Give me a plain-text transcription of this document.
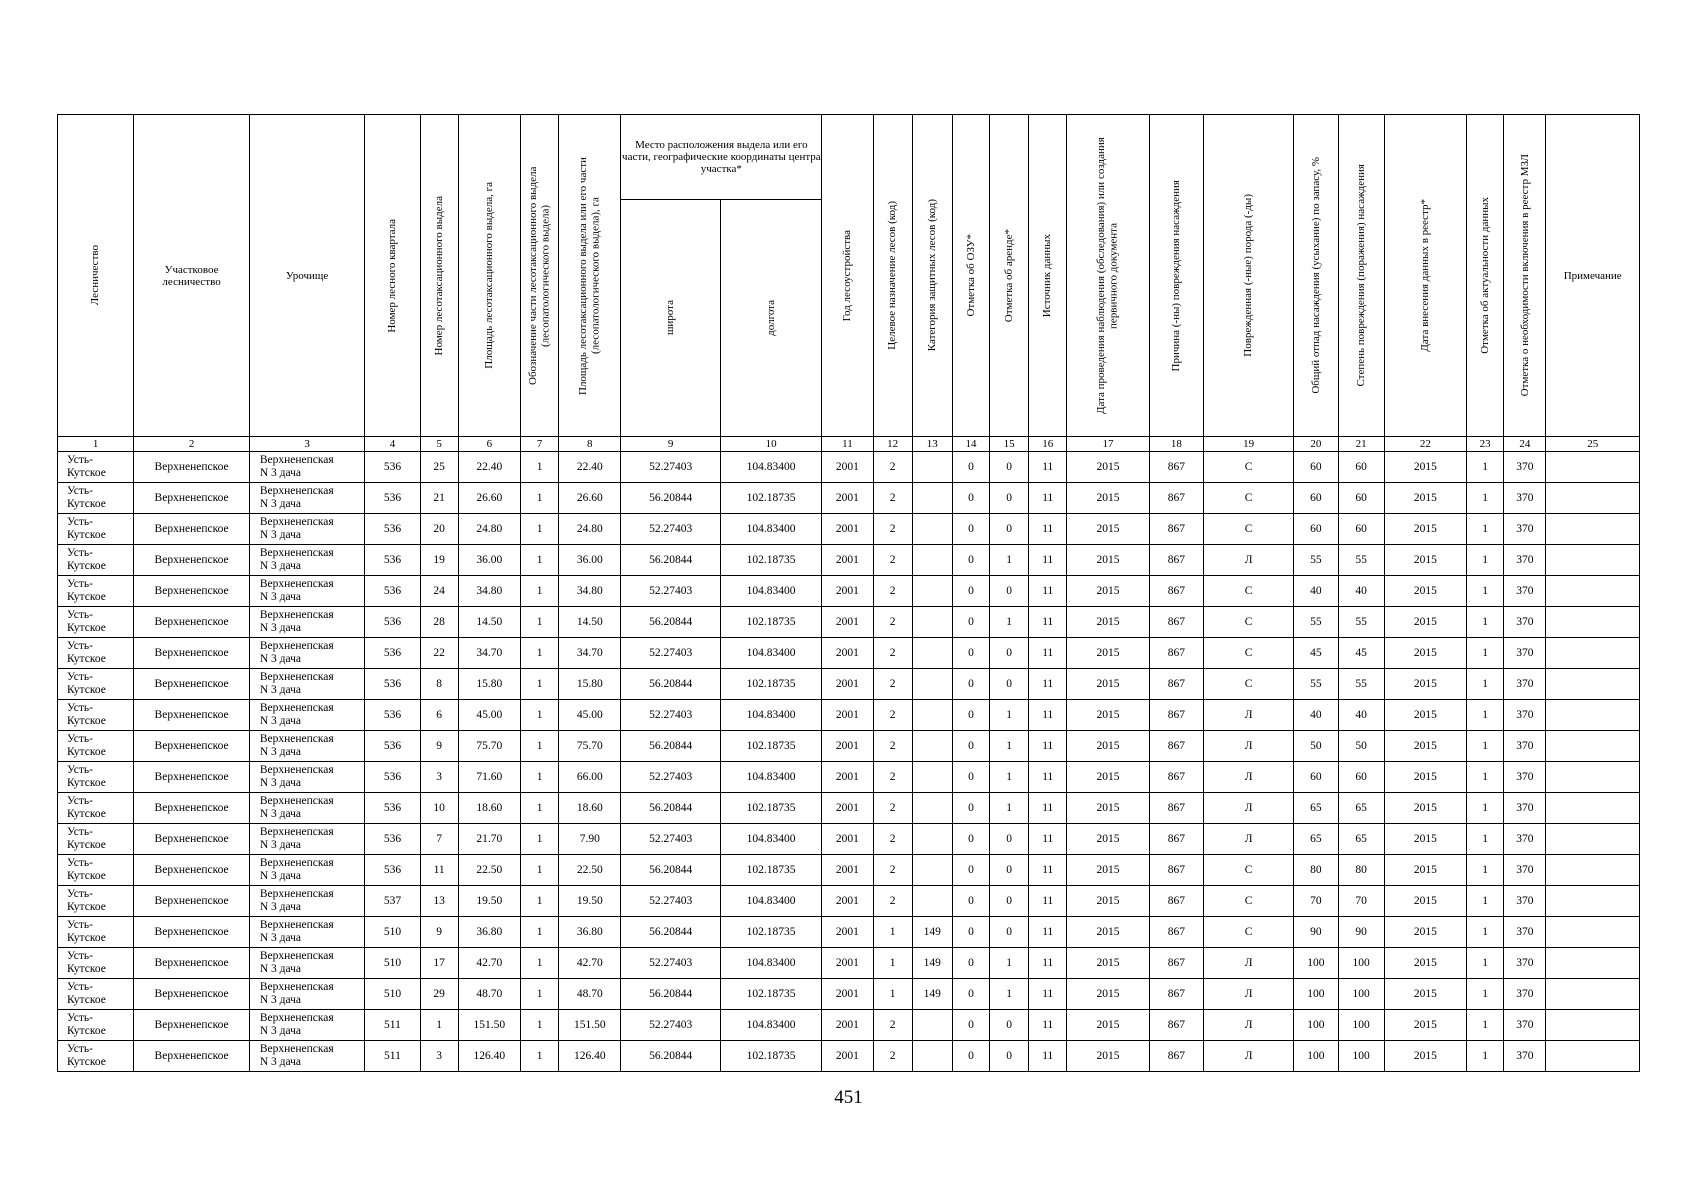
Лесничество	Участковое лесничество	Урочище	Номер лесного квартала	Номер лесотаксационного выдела	Площадь лесотаксационного выдела, га	Обозначение части лесотаксационного выдела (лесопатологического выдела)	Площадь лесотаксационного выдела или его части (лесопатологического выдела), га	Место расположения выдела или его части, географические координаты центра участка*		Год лесоустройства	Целевое назначение лесов (код)	Категория защитных лесов (код)	Отметка об ОЗУ*	Отметка об аренде*	Источник данных	Дата проведения наблюдения (обследования) или создания первичного документа	Причина (-ны) повреждения насаждения	Поврежденная (-ные) порода (-ды)	Общий отпад насаждения (усыхание) по запасу, %	Степень повреждения (поражения) насаждения	Дата внесения данных в реестр*	Отметка об актуальности данных	Отметка о необходимости включения в реестр МЗЛ	Примечание

								широта	долгота															

1	2	3	4	5	6	7	8	9	10	11	12	13	14	15	16	17	18	19	20	21	22	23	24	25
Усть-
Кутское	Верхненепское	Верхненепская
N 3 дача	536	25	22.40	1	22.40	52.27403	104.83400	2001	2		0	0	11	2015	867	С	60	60	2015	1	370	
Усть-
Кутское	Верхненепское	Верхненепская
N 3 дача	536	21	26.60	1	26.60	56.20844	102.18735	2001	2		0	0	11	2015	867	С	60	60	2015	1	370	
Усть-
Кутское	Верхненепское	Верхненепская
N 3 дача	536	20	24.80	1	24.80	52.27403	104.83400	2001	2		0	0	11	2015	867	С	60	60	2015	1	370	
Усть-
Кутское	Верхненепское	Верхненепская
N 3 дача	536	19	36.00	1	36.00	56.20844	102.18735	2001	2		0	1	11	2015	867	Л	55	55	2015	1	370	
Усть-
Кутское	Верхненепское	Верхненепская
N 3 дача	536	24	34.80	1	34.80	52.27403	104.83400	2001	2		0	0	11	2015	867	С	40	40	2015	1	370	
Усть-
Кутское	Верхненепское	Верхненепская
N 3 дача	536	28	14.50	1	14.50	56.20844	102.18735	2001	2		0	1	11	2015	867	С	55	55	2015	1	370	
Усть-
Кутское	Верхненепское	Верхненепская
N 3 дача	536	22	34.70	1	34.70	52.27403	104.83400	2001	2		0	0	11	2015	867	С	45	45	2015	1	370	
Усть-
Кутское	Верхненепское	Верхненепская
N 3 дача	536	8	15.80	1	15.80	56.20844	102.18735	2001	2		0	0	11	2015	867	С	55	55	2015	1	370	
Усть-
Кутское	Верхненепское	Верхненепская
N 3 дача	536	6	45.00	1	45.00	52.27403	104.83400	2001	2		0	1	11	2015	867	Л	40	40	2015	1	370	
Усть-
Кутское	Верхненепское	Верхненепская
N 3 дача	536	9	75.70	1	75.70	56.20844	102.18735	2001	2		0	1	11	2015	867	Л	50	50	2015	1	370	
Усть-
Кутское	Верхненепское	Верхненепская
N 3 дача	536	3	71.60	1	66.00	52.27403	104.83400	2001	2		0	1	11	2015	867	Л	60	60	2015	1	370	
Усть-
Кутское	Верхненепское	Верхненепская
N 3 дача	536	10	18.60	1	18.60	56.20844	102.18735	2001	2		0	1	11	2015	867	Л	65	65	2015	1	370	
Усть-
Кутское	Верхненепское	Верхненепская
N 3 дача	536	7	21.70	1	7.90	52.27403	104.83400	2001	2		0	0	11	2015	867	Л	65	65	2015	1	370	
Усть-
Кутское	Верхненепское	Верхненепская
N 3 дача	536	11	22.50	1	22.50	56.20844	102.18735	2001	2		0	0	11	2015	867	С	80	80	2015	1	370	
Усть-
Кутское	Верхненепское	Верхненепская
N 3 дача	537	13	19.50	1	19.50	52.27403	104.83400	2001	2		0	0	11	2015	867	С	70	70	2015	1	370	
Усть-
Кутское	Верхненепское	Верхненепская
N 3 дача	510	9	36.80	1	36.80	56.20844	102.18735	2001	1	149	0	0	11	2015	867	С	90	90	2015	1	370	
Усть-
Кутское	Верхненепское	Верхненепская
N 3 дача	510	17	42.70	1	42.70	52.27403	104.83400	2001	1	149	0	1	11	2015	867	Л	100	100	2015	1	370	
Усть-
Кутское	Верхненепское	Верхненепская
N 3 дача	510	29	48.70	1	48.70	56.20844	102.18735	2001	1	149	0	1	11	2015	867	Л	100	100	2015	1	370	
Усть-
Кутское	Верхненепское	Верхненепская
N 3 дача	511	1	151.50	1	151.50	52.27403	104.83400	2001	2		0	0	11	2015	867	Л	100	100	2015	1	370	
Усть-
Кутское	Верхненепское	Верхненепская
N 3 дача	511	3	126.40	1	126.40	56.20844	102.18735	2001	2		0	0	11	2015	867	Л	100	100	2015	1	370	
451
